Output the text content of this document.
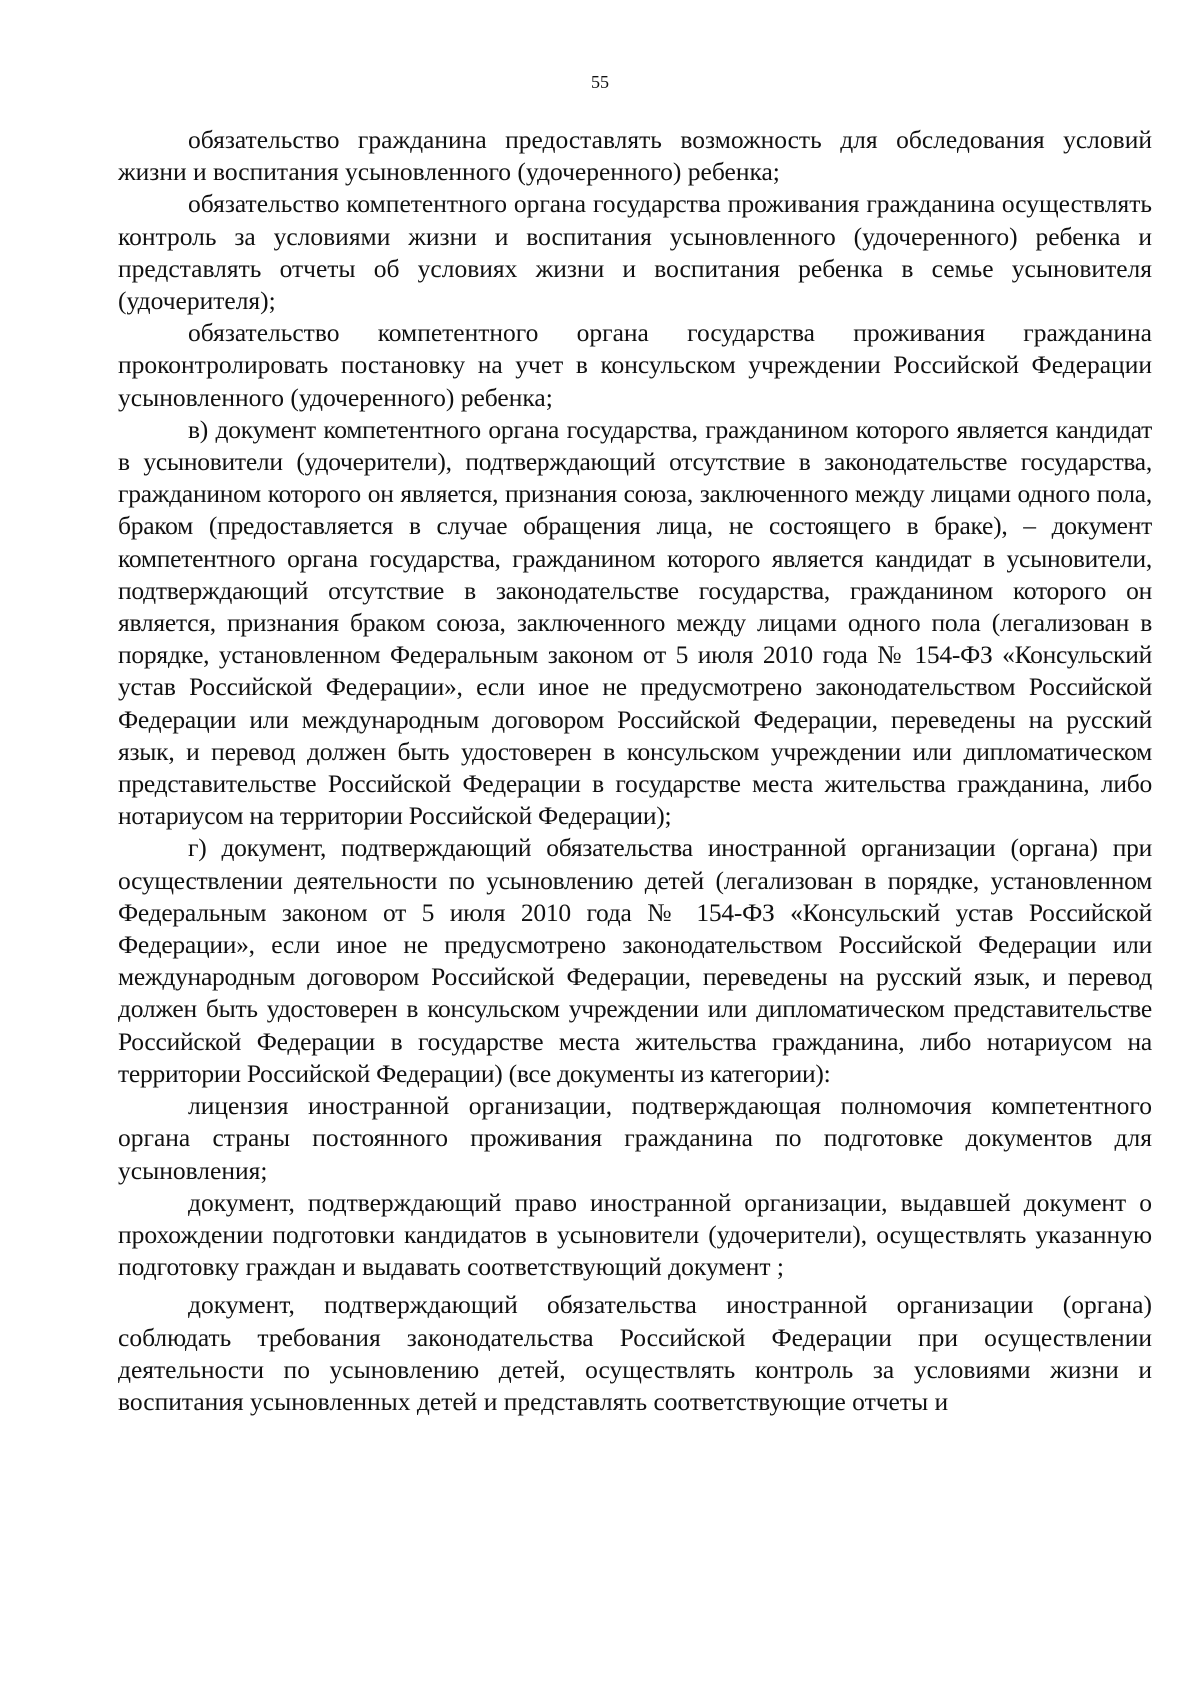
55

обязательство гражданина предоставлять возможность для обследования условий жизни и воспитания усыновленного (удочеренного) ребенка;

обязательство компетентного органа государства проживания гражданина осуществлять контроль за условиями жизни и воспитания усыновленного (удочеренного) ребенка и представлять отчеты об условиях жизни и воспитания ребенка в семье усыновителя (удочерителя);

обязательство компетентного органа государства проживания гражданина проконтролировать постановку на учет в консульском учреждении Российской Федерации усыновленного (удочеренного) ребенка;

в) документ компетентного органа государства, гражданином которого является кандидат в усыновители (удочерители), подтверждающий отсутствие в законодательстве государства, гражданином которого он является, признания союза, заключенного между лицами одного пола, браком (предоставляется в случае обращения лица, не состоящего в браке), – документ компетентного органа государства, гражданином которого является кандидат в усыновители, подтверждающий отсутствие в законодательстве государства, гражданином которого он является, признания браком союза, заключенного между лицами одного пола (легализован в порядке, установленном Федеральным законом от 5 июля 2010 года № 154-ФЗ «Консульский устав Российской Федерации», если иное не предусмотрено законодательством Российской Федерации или международным договором Российской Федерации, переведены на русский язык, и перевод должен быть удостоверен в консульском учреждении или дипломатическом представительстве Российской Федерации в государстве места жительства гражданина, либо нотариусом на территории Российской Федерации);

г) документ, подтверждающий обязательства иностранной организации (органа) при осуществлении деятельности по усыновлению детей (легализован в порядке, установленном Федеральным законом от 5 июля 2010 года № 154-ФЗ «Консульский устав Российской Федерации», если иное не предусмотрено законодательством Российской Федерации или международным договором Российской Федерации, переведены на русский язык, и перевод должен быть удостоверен в консульском учреждении или дипломатическом представительстве Российской Федерации в государстве места жительства гражданина, либо нотариусом на территории Российской Федерации) (все документы из категории):

лицензия иностранной организации, подтверждающая полномочия компетентного органа страны постоянного проживания гражданина по подготовке документов для усыновления;

документ, подтверждающий право иностранной организации, выдавшей документ о прохождении подготовки кандидатов в усыновители (удочерители), осуществлять указанную подготовку граждан и выдавать соответствующий документ ;

документ, подтверждающий обязательства иностранной организации (органа) соблюдать требования законодательства Российской Федерации при осуществлении деятельности по усыновлению детей, осуществлять контроль за условиями жизни и воспитания усыновленных детей и представлять соответствующие отчеты и
